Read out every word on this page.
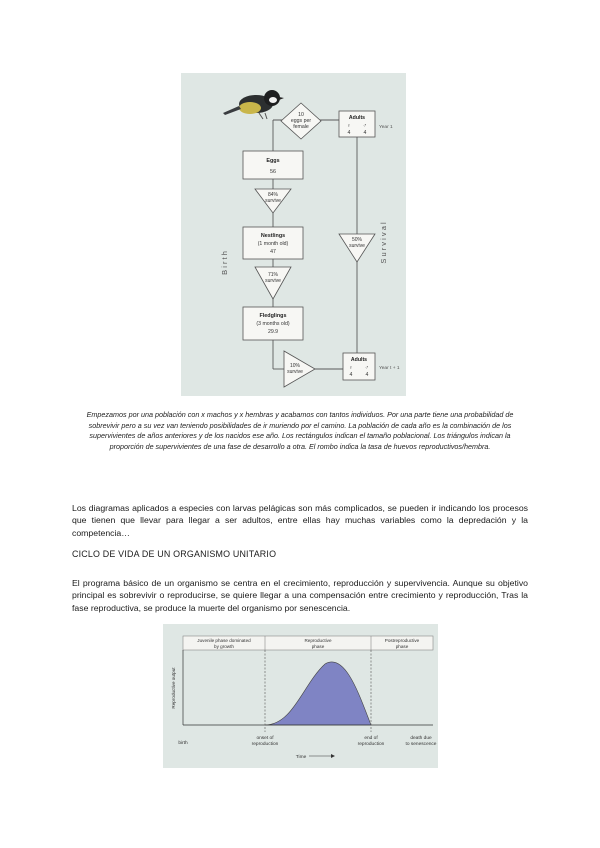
10
eggs per
female
Adults
♀ ♂
4	4
Year 1
Eggs
56
84%
survive
Nestlings
(1 month old)
47
71%
survive
Fledglings
(3 months old)
29.9
10%
survive
50%
survive
Adults
♀ ♂
4	4
Year t + 1
B i r t h	S u r v i v a l
Empezamos por una población con x machos y x hembras y acabamos con tantos individuos. Por una parte tiene una probabilidad de sobrevivir pero a su vez van teniendo posibilidades de ir muriendo por el camino. La población de cada año es la combinación de los supervivientes de años anteriores y de los nacidos ese año. Los rectángulos indican el tamaño poblacional. Los triángulos indican la proporción de supervivientes de una fase de desarrollo a otra. El rombo indica la tasa de huevos reproductivos/hembra.
Los diagramas aplicados a especies con larvas pelágicas son más complicados, se pueden ir indicando los procesos que tienen que llevar para llegar a ser adultos, entre ellas hay muchas variables como la depredación y la competencia…
CICLO DE VIDA DE UN ORGANISMO UNITARIO
El programa básico de un organismo se centra en el crecimiento, reproducción y supervivencia. Aunque su objetivo principal es sobrevivir o reproducirse, se quiere llegar a una compensación entre crecimiento y reproducción, Tras la fase reproductiva, se produce la muerte del organismo por senescencia.
Juvenile phase dominated
by growth
Reproductive
phase
Postreproductive
phase
Reproductive output
birth
onset of
reproduction
end of
reproduction
death due
to senescence
Time
